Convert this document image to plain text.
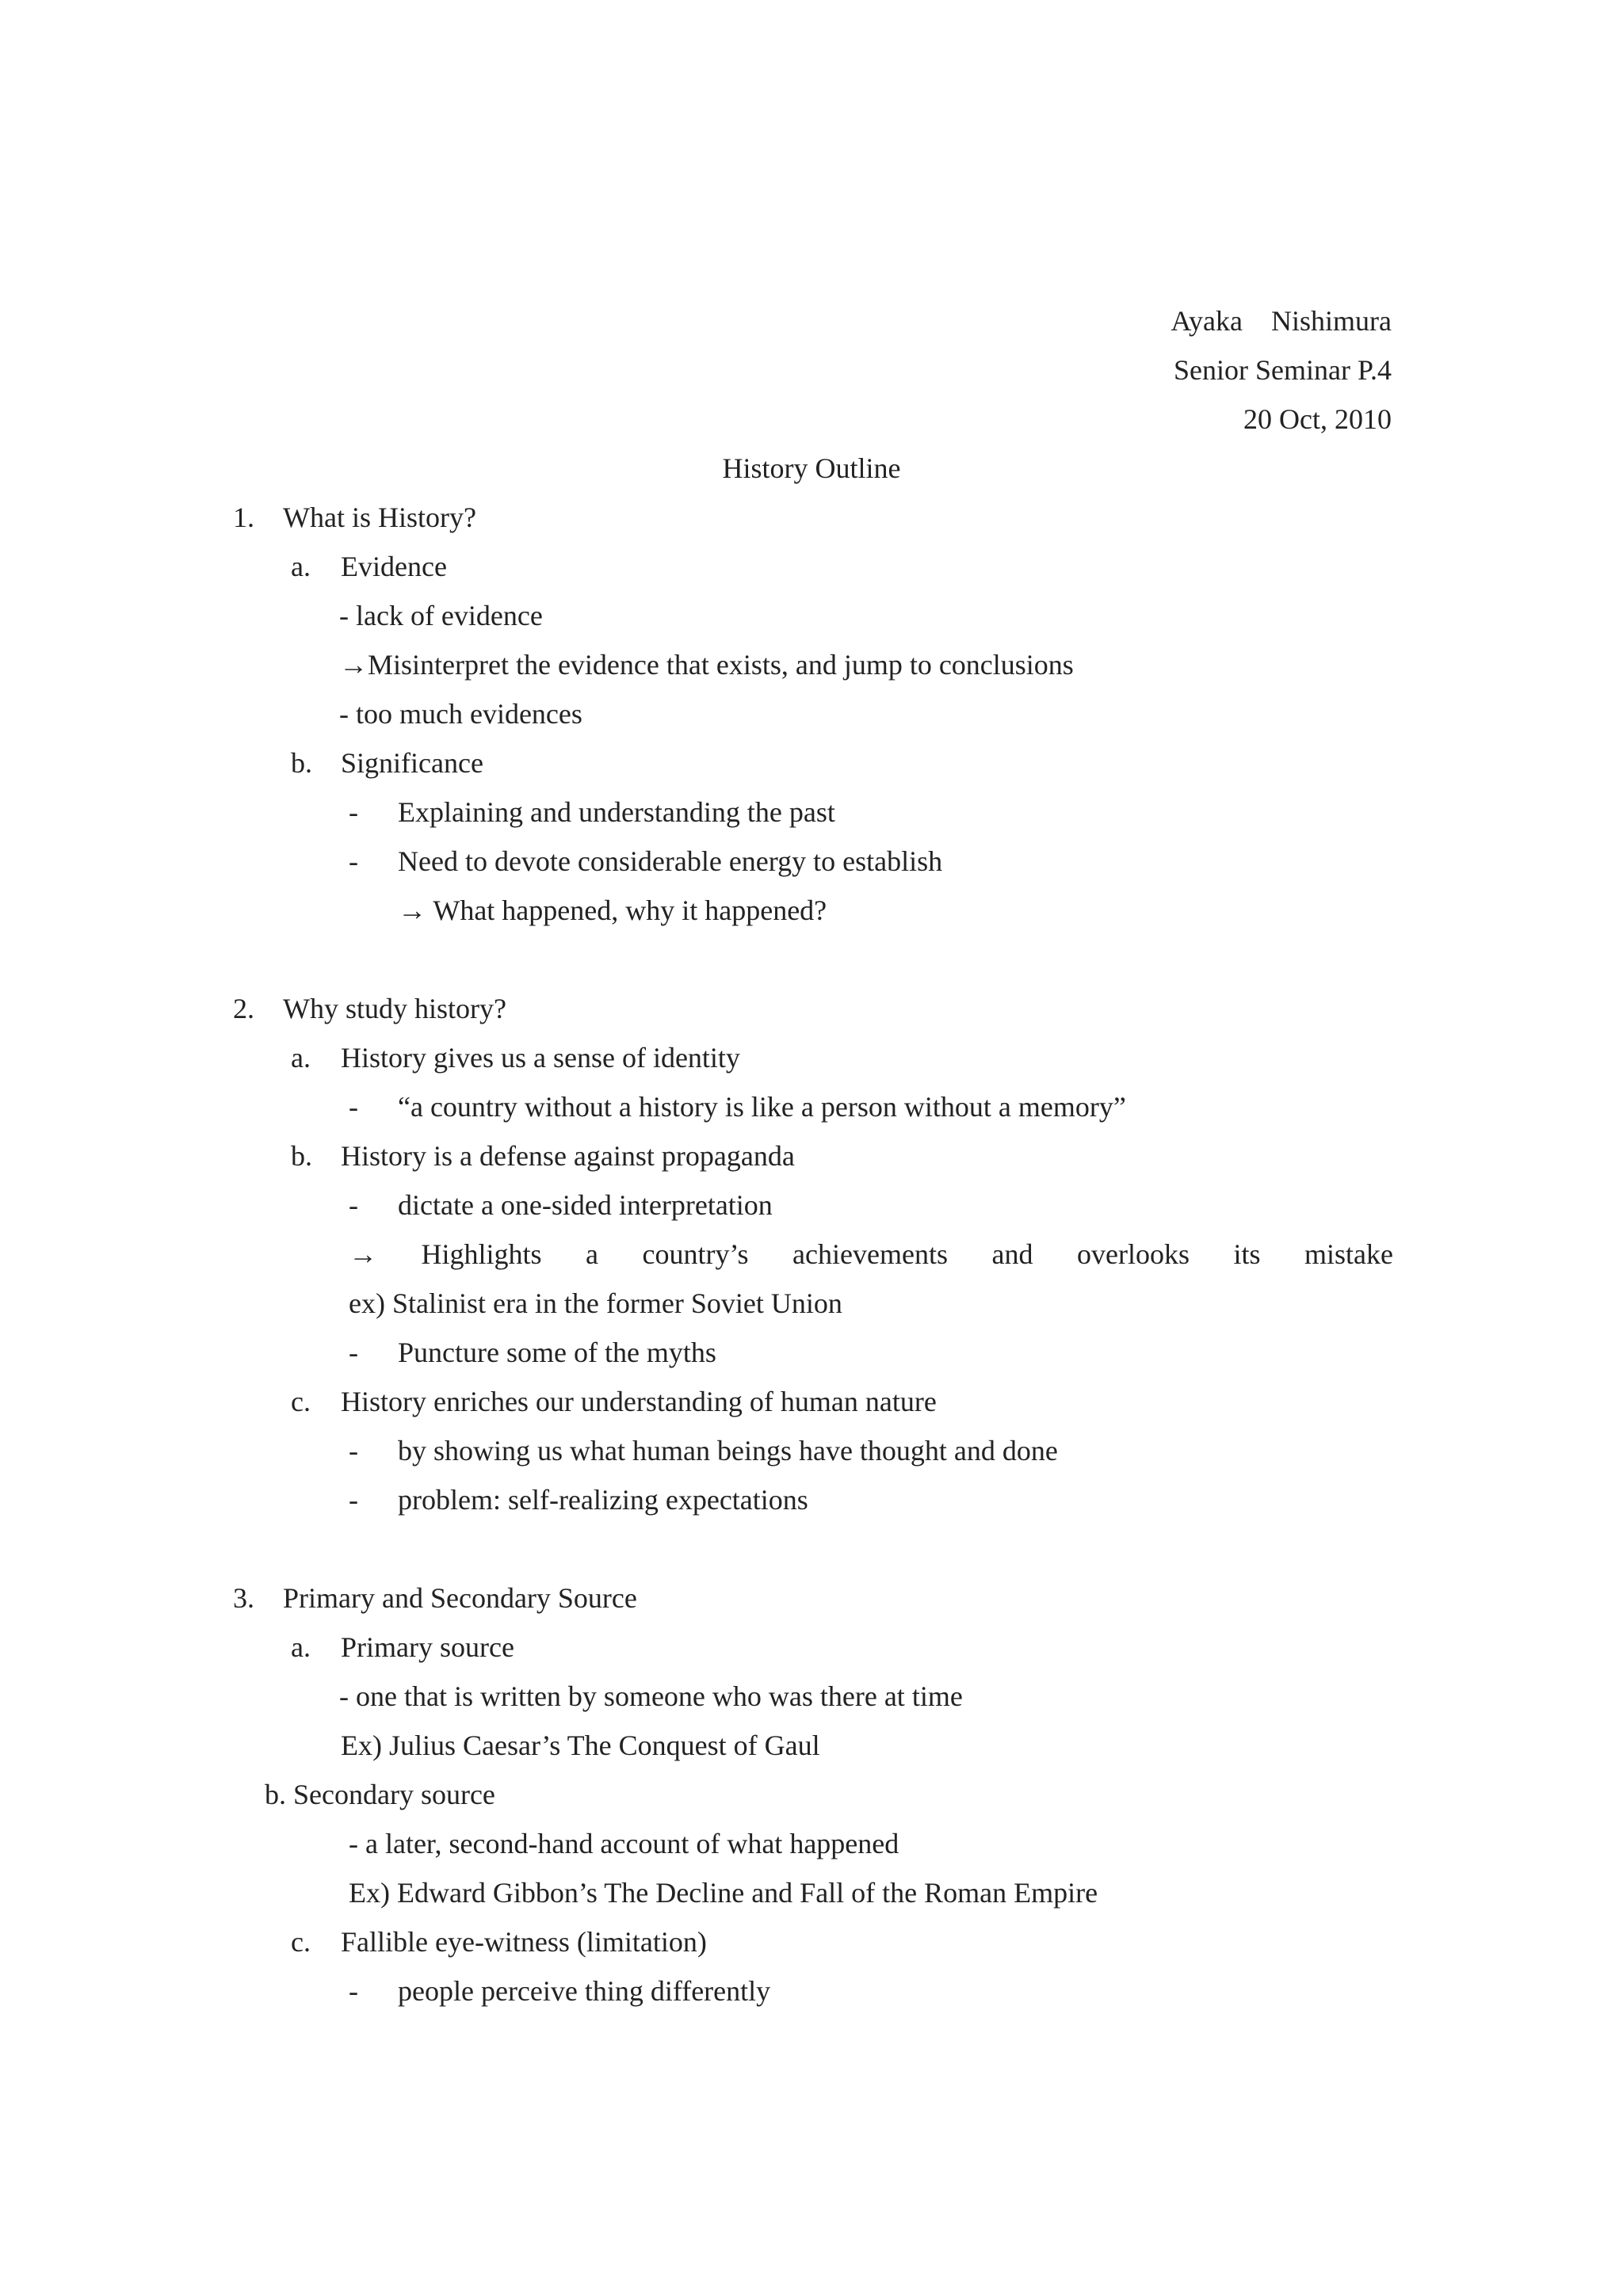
Ayaka　Nishimura
Senior Seminar P.4
20 Oct, 2010
History Outline
1. What is History?
a. Evidence
- lack of evidence
→Misinterpret the evidence that exists, and jump to conclusions
- too much evidences
b. Significance
- Explaining and understanding the past
- Need to devote considerable energy to establish
→ What happened, why it happened?
2. Why study history?
a. History gives us a sense of identity
- “a country without a history is like a person without a memory”
b. History is a defense against propaganda
- dictate a one-sided interpretation
→ Highlights a country’s achievements and overlooks its mistake
ex) Stalinist era in the former Soviet Union
- Puncture some of the myths
c. History enriches our understanding of human nature
- by showing us what human beings have thought and done
- problem: self-realizing expectations
3. Primary and Secondary Source
a. Primary source
- one that is written by someone who was there at time
Ex) Julius Caesar’s The Conquest of Gaul
b. Secondary source
- a later, second-hand account of what happened
Ex) Edward Gibbon’s The Decline and Fall of the Roman Empire
c. Fallible eye-witness (limitation)
- people perceive thing differently
